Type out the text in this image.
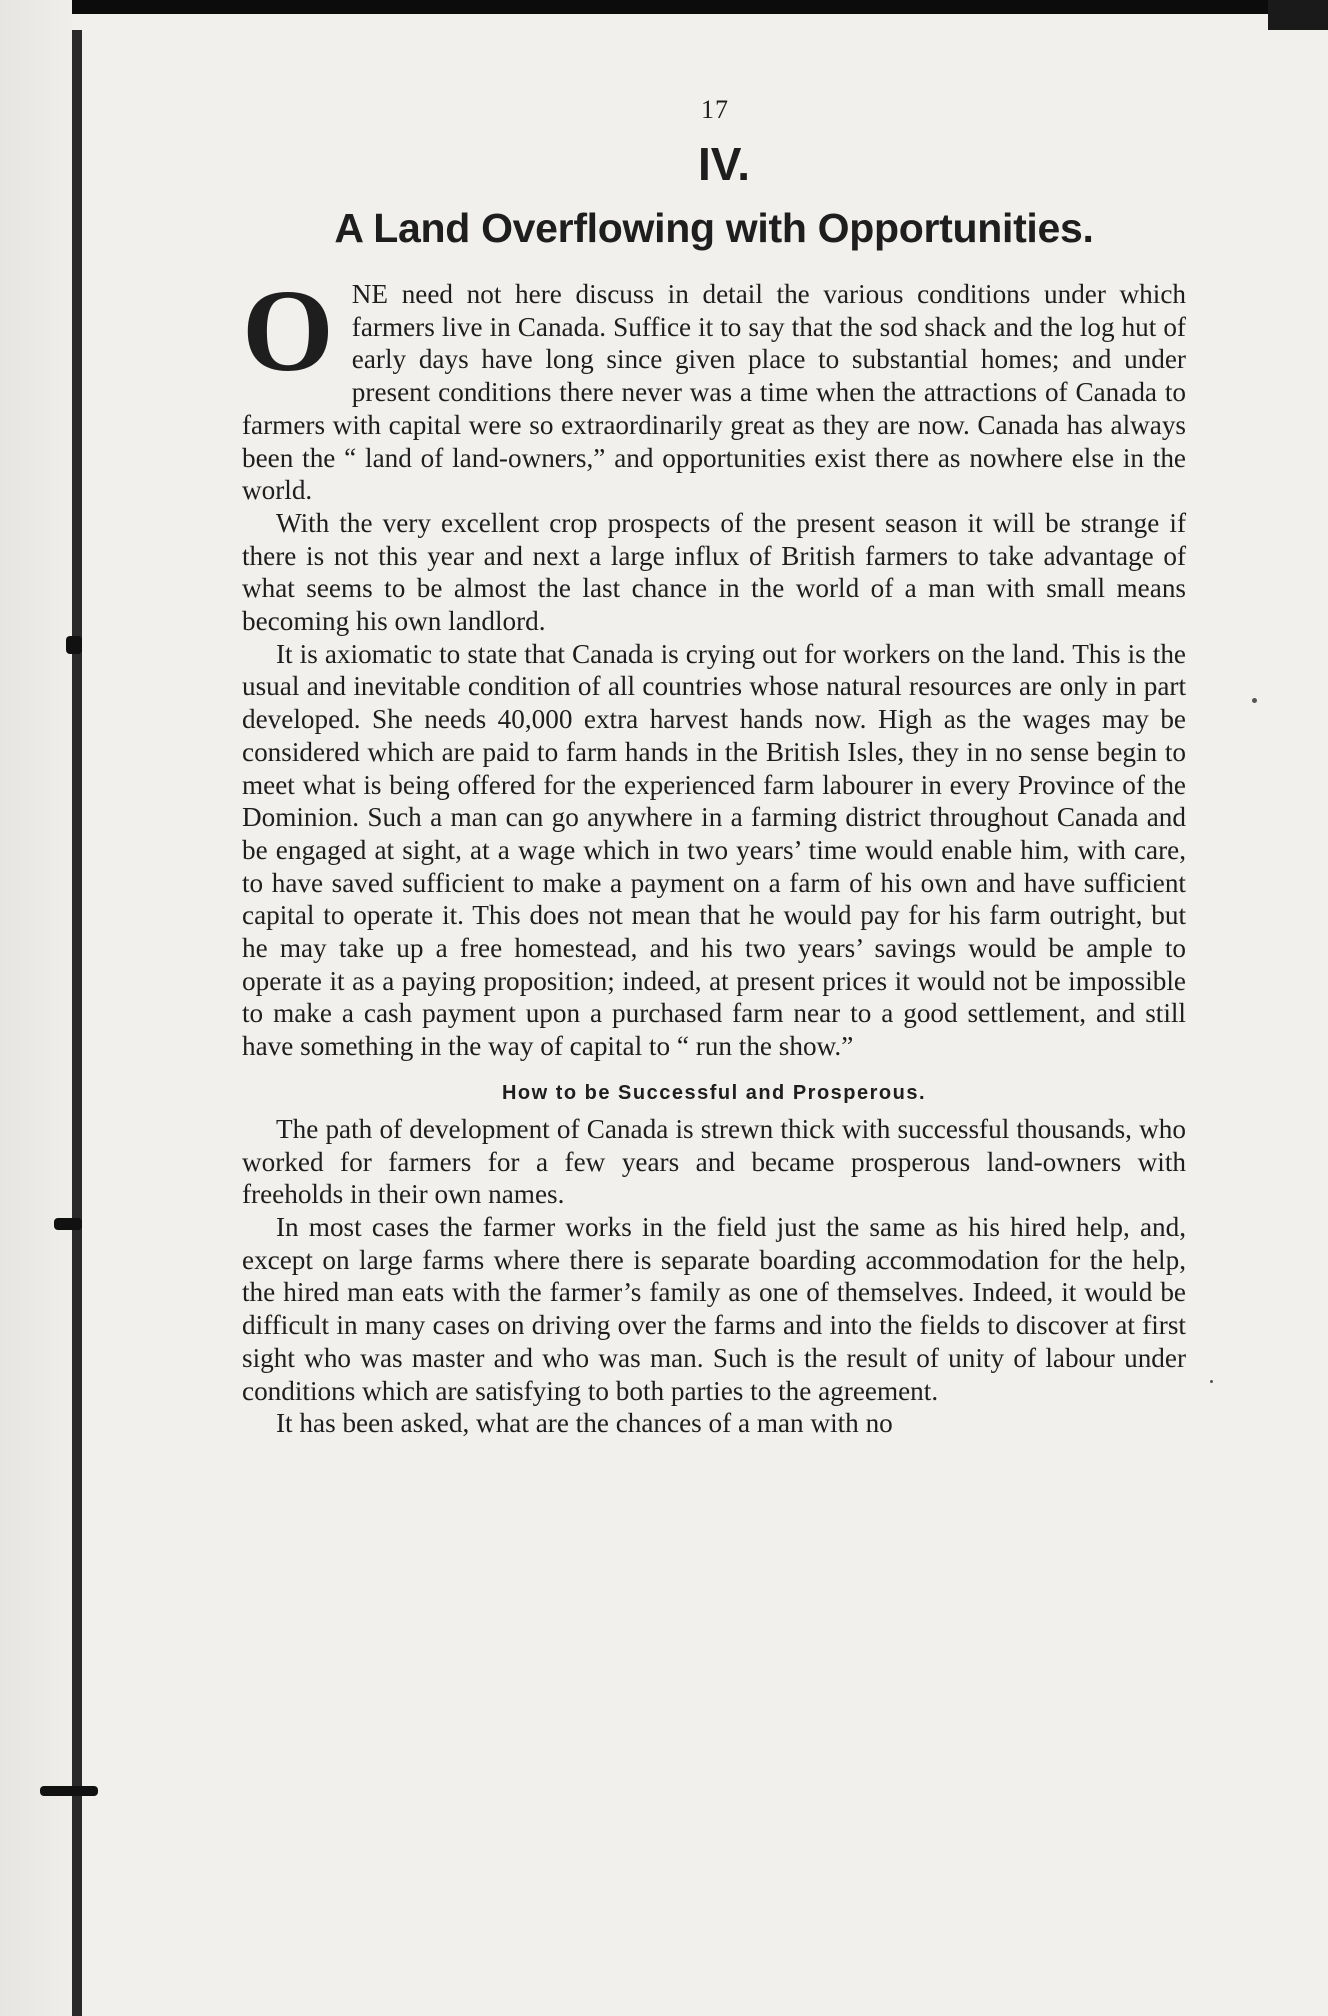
17

IV.
A Land Overflowing with Opportunities.

ONE need not here discuss in detail the various conditions under which farmers live in Canada. Suffice it to say that the sod shack and the log hut of early days have long since given place to substantial homes; and under present conditions there never was a time when the attractions of Canada to farmers with capital were so extraordinarily great as they are now. Canada has always been the “ land of land-owners,” and opportunities exist there as nowhere else in the world.

With the very excellent crop prospects of the present season it will be strange if there is not this year and next a large influx of British farmers to take advantage of what seems to be almost the last chance in the world of a man with small means becoming his own landlord.

It is axiomatic to state that Canada is crying out for workers on the land. This is the usual and inevitable condition of all countries whose natural resources are only in part developed. She needs 40,000 extra harvest hands now. High as the wages may be considered which are paid to farm hands in the British Isles, they in no sense begin to meet what is being offered for the experienced farm labourer in every Province of the Dominion. Such a man can go anywhere in a farming district throughout Canada and be engaged at sight, at a wage which in two years’ time would enable him, with care, to have saved sufficient to make a payment on a farm of his own and have sufficient capital to operate it. This does not mean that he would pay for his farm outright, but he may take up a free homestead, and his two years’ savings would be ample to operate it as a paying proposition; indeed, at present prices it would not be impossible to make a cash payment upon a purchased farm near to a good settlement, and still have something in the way of capital to “ run the show.”

How to be Successful and Prosperous.

The path of development of Canada is strewn thick with successful thousands, who worked for farmers for a few years and became prosperous land-owners with freeholds in their own names.

In most cases the farmer works in the field just the same as his hired help, and, except on large farms where there is separate boarding accommodation for the help, the hired man eats with the farmer’s family as one of themselves. Indeed, it would be difficult in many cases on driving over the farms and into the fields to discover at first sight who was master and who was man. Such is the result of unity of labour under conditions which are satisfying to both parties to the agreement.

It has been asked, what are the chances of a man with no
